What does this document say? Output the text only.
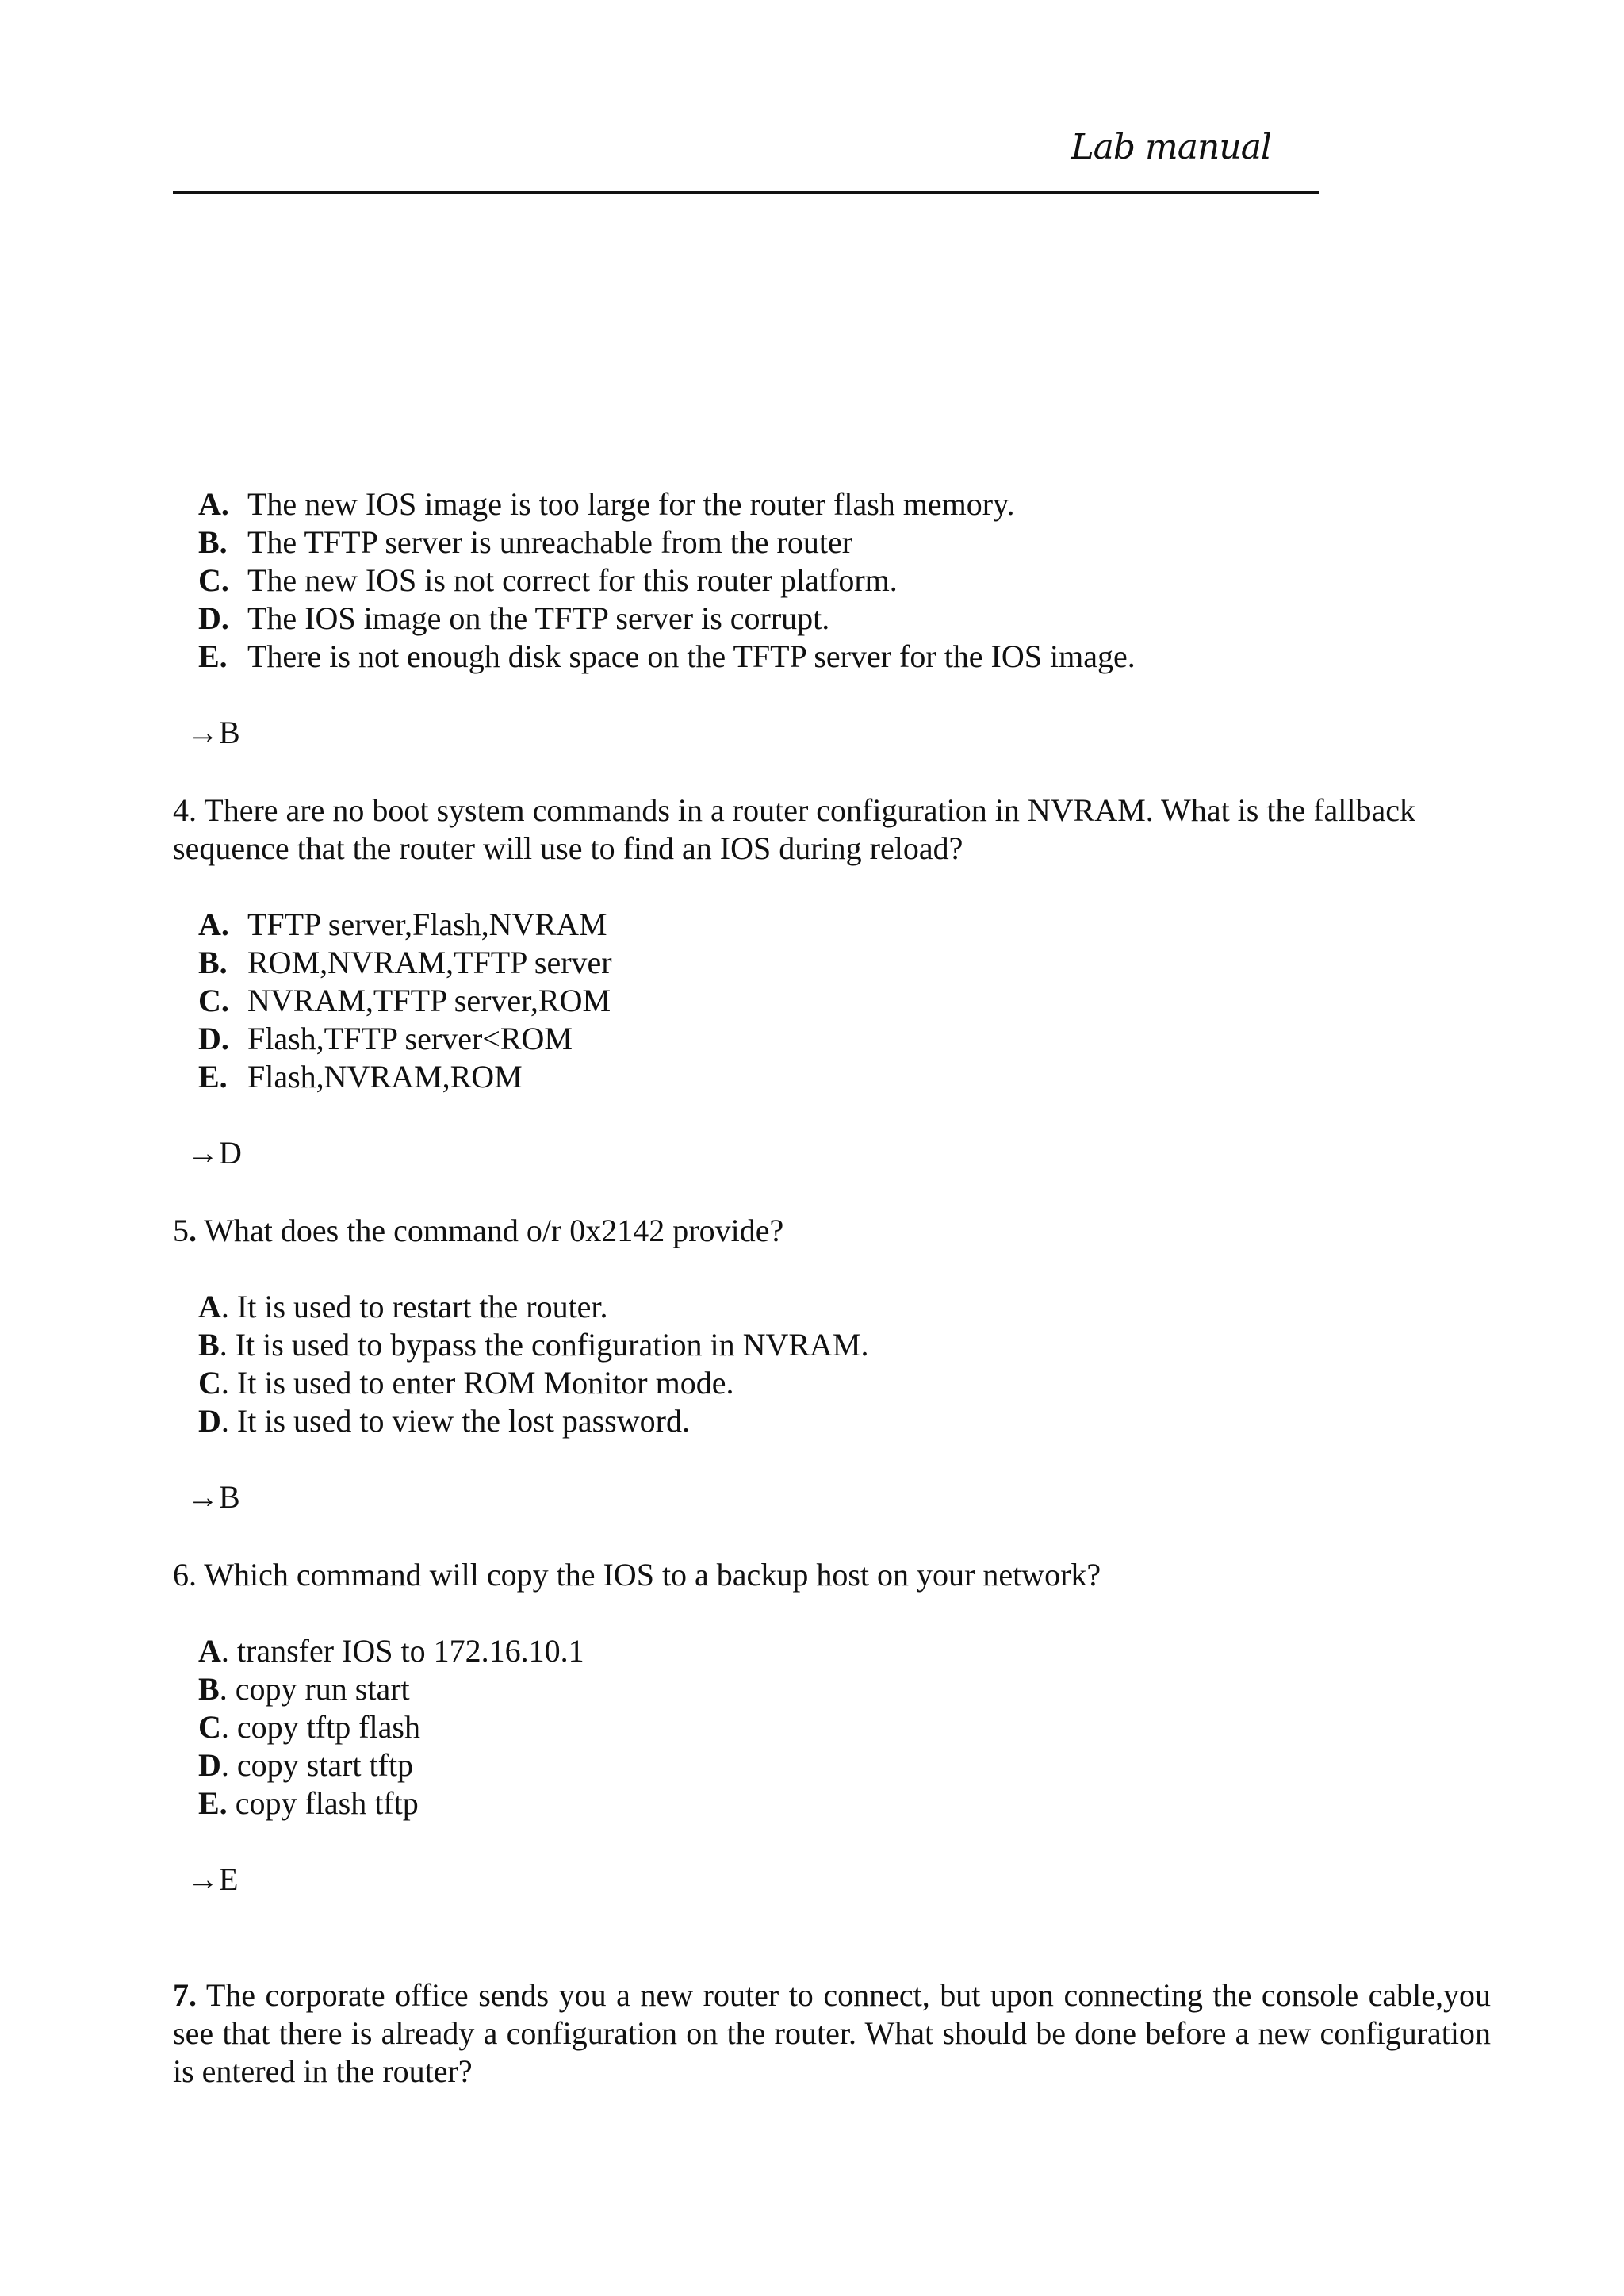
Lab manual
A. The new IOS image is too large for the router flash memory.
B. The TFTP server is unreachable from the router
C. The new IOS is not correct for this router platform.
D. The IOS image on the TFTP server is corrupt.
E. There is not enough disk space on the TFTP server for the IOS image.
→B
4. There are no boot system commands in a router configuration in NVRAM. What is the fallback sequence that the router will use to find an IOS during reload?
A. TFTP server,Flash,NVRAM
B. ROM,NVRAM,TFTP server
C. NVRAM,TFTP server,ROM
D. Flash,TFTP server<ROM
E. Flash,NVRAM,ROM
→D
5. What does the command o/r 0x2142 provide?
A. It is used to restart the router.
B. It is used to bypass the configuration in NVRAM.
C. It is used to enter ROM Monitor mode.
D. It is used to view the lost password.
→B
6. Which command will copy the IOS to a backup host on your network?
A. transfer IOS to 172.16.10.1
B. copy run start
C. copy tftp flash
D. copy start tftp
E. copy flash tftp
→E
7. The corporate office sends you a new router to connect, but upon connecting the console cable,you see that there is already a configuration on the router. What should be done before a new configuration is entered in the router?
